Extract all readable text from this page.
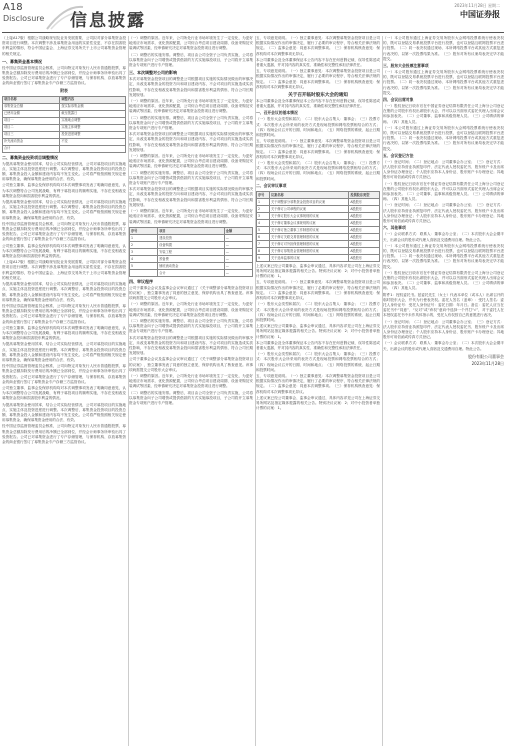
A18
Disclosure 信息披露
2023年11月28日 星期二
中国证券报

（上接A17版）根据公司战略规划及业务发展需要，公司拟对部分募集资金投资项目进行调整。本次调整不涉及募集资金用途的实质性变更，不存在损害股东利益的情形，符合中国证监会、上海证券交易所关于上市公司募集资金管理的相关规定。

一、募集资金基本情况

经中国证券监督管理委员会核准，公司向特定对象发行人民币普通股股票，募集资金总额扣除发行费用后的净额已全部到位，并经会计师事务所审验出具了验资报告。公司已对募集资金进行了专户存储管理，与保荐机构、存放募集资金的商业银行签订了募集资金专户存储三方监管协议。

附表
项目名称	调整内容
募集资金总额	按实际募集金额
已使用金额	截至披露日
项目一	实施地点调整
项目二	实施主体调整
项目三	投资进度调整
补充流动资金	不变
合计	
二、募集资金投资项目调整情况

为提高募集资金使用效率，结合公司实际经营情况，公司对募投项目的实施地点、实施主体及投资进度进行调整。本次调整后，募集资金投资项目的投资总额、募集资金投入金额和建设内容均不发生变化。公司将严格按照相关规定使用募集资金，确保募集资金使用的合法、有效。

公司独立董事、监事会及保荐机构均对本次调整事项发表了明确同意意见，认为本次调整符合公司发展战略，有利于募投项目的顺利实施，不存在变相改变募集资金投向和损害股东利益的情况。

为提高募集资金使用效率，结合公司实际经营情况，公司对募投项目的实施地点、实施主体及投资进度进行调整。本次调整后，募集资金投资项目的投资总额、募集资金投入金额和建设内容均不发生变化。公司将严格按照相关规定使用募集资金，确保募集资金使用的合法、有效。

经中国证券监督管理委员会核准，公司向特定对象发行人民币普通股股票，募集资金总额扣除发行费用后的净额已全部到位，并经会计师事务所审验出具了验资报告。公司已对募集资金进行了专户存储管理，与保荐机构、存放募集资金的商业银行签订了募集资金专户存储三方监管协议。

公司独立董事、监事会及保荐机构均对本次调整事项发表了明确同意意见，认为本次调整符合公司发展战略，有利于募投项目的顺利实施，不存在变相改变募集资金投向和损害股东利益的情况。

（上接A17版）根据公司战略规划及业务发展需要，公司拟对部分募集资金投资项目进行调整。本次调整不涉及募集资金用途的实质性变更，不存在损害股东利益的情形，符合中国证监会、上海证券交易所关于上市公司募集资金管理的相关规定。

为提高募集资金使用效率，结合公司实际经营情况，公司对募投项目的实施地点、实施主体及投资进度进行调整。本次调整后，募集资金投资项目的投资总额、募集资金投入金额和建设内容均不发生变化。公司将严格按照相关规定使用募集资金，确保募集资金使用的合法、有效。

经中国证券监督管理委员会核准，公司向特定对象发行人民币普通股股票，募集资金总额扣除发行费用后的净额已全部到位，并经会计师事务所审验出具了验资报告。公司已对募集资金进行了专户存储管理，与保荐机构、存放募集资金的商业银行签订了募集资金专户存储三方监管协议。

公司独立董事、监事会及保荐机构均对本次调整事项发表了明确同意意见，认为本次调整符合公司发展战略，有利于募投项目的顺利实施，不存在变相改变募集资金投向和损害股东利益的情况。

为提高募集资金使用效率，结合公司实际经营情况，公司对募投项目的实施地点、实施主体及投资进度进行调整。本次调整后，募集资金投资项目的投资总额、募集资金投入金额和建设内容均不发生变化。公司将严格按照相关规定使用募集资金，确保募集资金使用的合法、有效。

经中国证券监督管理委员会核准，公司向特定对象发行人民币普通股股票，募集资金总额扣除发行费用后的净额已全部到位，并经会计师事务所审验出具了验资报告。公司已对募集资金进行了专户存储管理，与保荐机构、存放募集资金的商业银行签订了募集资金专户存储三方监管协议。

公司独立董事、监事会及保荐机构均对本次调整事项发表了明确同意意见，认为本次调整符合公司发展战略，有利于募投项目的顺利实施，不存在变相改变募集资金投向和损害股东利益的情况。

为提高募集资金使用效率，结合公司实际经营情况，公司对募投项目的实施地点、实施主体及投资进度进行调整。本次调整后，募集资金投资项目的投资总额、募集资金投入金额和建设内容均不发生变化。公司将严格按照相关规定使用募集资金，确保募集资金使用的合法、有效。

经中国证券监督管理委员会核准，公司向特定对象发行人民币普通股股票，募集资金总额扣除发行费用后的净额已全部到位，并经会计师事务所审验出具了验资报告。公司已对募集资金进行了专户存储管理，与保荐机构、存放募集资金的商业银行签订了募集资金专户存储三方监管协议。

（一）调整的原因。近年来，公司所处行业市场环境发生了一定变化，为更好地适应市场需求，优化资源配置，公司综合考虑项目建设周期、设备采购及安装调试等因素，经审慎研究决定对募集资金投资项目进行调整。

（二）调整后的实施安排。调整后，项目由公司全资子公司负责实施，公司将以募集资金向子公司增资或提供借款的方式实施募投项目，子公司将开立募集资金专项账户进行专户管理。

三、本次调整对公司的影响

本次对募集资金投资项目的调整是公司根据项目实施的实际情况做出的审慎决定，未改变募集资金的投资方向和项目建设内容，不会对项目的实施造成实质性影响，不存在变相改变募集资金投向和损害股东利益的情形，符合公司长期发展规划。

（一）调整的原因。近年来，公司所处行业市场环境发生了一定变化，为更好地适应市场需求，优化资源配置，公司综合考虑项目建设周期、设备采购及安装调试等因素，经审慎研究决定对募集资金投资项目进行调整。

（二）调整后的实施安排。调整后，项目由公司全资子公司负责实施，公司将以募集资金向子公司增资或提供借款的方式实施募投项目，子公司将开立募集资金专项账户进行专户管理。

本次对募集资金投资项目的调整是公司根据项目实施的实际情况做出的审慎决定，未改变募集资金的投资方向和项目建设内容，不会对项目的实施造成实质性影响，不存在变相改变募集资金投向和损害股东利益的情形，符合公司长期发展规划。

（一）调整的原因。近年来，公司所处行业市场环境发生了一定变化，为更好地适应市场需求，优化资源配置，公司综合考虑项目建设周期、设备采购及安装调试等因素，经审慎研究决定对募集资金投资项目进行调整。

（二）调整后的实施安排。调整后，项目由公司全资子公司负责实施，公司将以募集资金向子公司增资或提供借款的方式实施募投项目，子公司将开立募集资金专项账户进行专户管理。

本次对募集资金投资项目的调整是公司根据项目实施的实际情况做出的审慎决定，未改变募集资金的投资方向和项目建设内容，不会对项目的实施造成实质性影响，不存在变相改变募集资金投向和损害股东利益的情形，符合公司长期发展规划。

（一）调整的原因。近年来，公司所处行业市场环境发生了一定变化，为更好地适应市场需求，优化资源配置，公司综合考虑项目建设周期、设备采购及安装调试等因素，经审慎研究决定对募集资金投资项目进行调整。

序号	项目	金额
1	建设投资	—
2	设备购置	—
3	安装工程	—
4	预备费	—
5	铺底流动资金	—
	合计	—
四、审议程序

公司于董事会会议及监事会会议审议通过了《关于调整部分募集资金投资项目的议案》，独立董事发表了同意的独立意见，保荐机构出具了核查意见。该事项尚需提交公司股东大会审议。

（一）调整的原因。近年来，公司所处行业市场环境发生了一定变化，为更好地适应市场需求，优化资源配置，公司综合考虑项目建设周期、设备采购及安装调试等因素，经审慎研究决定对募集资金投资项目进行调整。

（二）调整后的实施安排。调整后，项目由公司全资子公司负责实施，公司将以募集资金向子公司增资或提供借款的方式实施募投项目，子公司将开立募集资金专项账户进行专户管理。

本次对募集资金投资项目的调整是公司根据项目实施的实际情况做出的审慎决定，未改变募集资金的投资方向和项目建设内容，不会对项目的实施造成实质性影响，不存在变相改变募集资金投向和损害股东利益的情形，符合公司长期发展规划。

公司于董事会会议及监事会会议审议通过了《关于调整部分募集资金投资项目的议案》，独立董事发表了同意的独立意见，保荐机构出具了核查意见。该事项尚需提交公司股东大会审议。

（一）调整的原因。近年来，公司所处行业市场环境发生了一定变化，为更好地适应市场需求，优化资源配置，公司综合考虑项目建设周期、设备采购及安装调试等因素，经审慎研究决定对募集资金投资项目进行调整。

（二）调整后的实施安排。调整后，项目由公司全资子公司负责实施，公司将以募集资金向子公司增资或提供借款的方式实施募投项目，子公司将开立募集资金专项账户进行专户管理。

五、专项意见说明。（一）独立董事意见：本次调整募集资金投资项目是公司根据实际情况作出的审慎决定，履行了必要的审议程序，符合相关法律法规的规定。（二）监事会意见：同意本次调整事项。（三）保荐机构核查意见：保荐机构对本次调整事项无异议。

本公司董事会及全体董事保证本公告内容不存在任何虚假记载、误导性陈述或者重大遗漏，并对其内容的真实性、准确性和完整性承担法律责任。

五、专项意见说明。（一）独立董事意见：本次调整募集资金投资项目是公司根据实际情况作出的审慎决定，履行了必要的审议程序，符合相关法律法规的规定。（二）监事会意见：同意本次调整事项。（三）保荐机构核查意见：保荐机构对本次调整事项无异议。

关于召开临时股东大会的通知

本公司董事会及全体董事保证本公告内容不存在任何虚假记载、误导性陈述或者重大遗漏，并对其内容的真实性、准确性和完整性承担法律责任。

一、召开会议的基本情况

（一）股东大会类型和届次；（二）股东大会召集人：董事会；（三）投票方式：本次股东大会所采用的表决方式是现场投票和网络投票相结合的方式；（四）现场会议召开的日期、时间和地点；（五）网络投票的系统、起止日期和投票时间。

五、专项意见说明。（一）独立董事意见：本次调整募集资金投资项目是公司根据实际情况作出的审慎决定，履行了必要的审议程序，符合相关法律法规的规定。（二）监事会意见：同意本次调整事项。（三）保荐机构核查意见：保荐机构对本次调整事项无异议。

（一）股东大会类型和届次；（二）股东大会召集人：董事会；（三）投票方式：本次股东大会所采用的表决方式是现场投票和网络投票相结合的方式；（四）现场会议召开的日期、时间和地点；（五）网络投票的系统、起止日期和投票时间。

二、会议审议事项
序号	议案名称	投票股东类型
1	关于调整部分募集资金投资项目的议案	A股股东
2	关于修订公司章程的议案	A股股东
3	关于修订股东大会议事规则的议案	A股股东
4	关于修订董事会议事规则的议案	A股股东
5	关于修订独立董事工作制度的议案	A股股东
6	关于修订关联交易管理制度的议案	A股股东
7	关于修订对外担保管理制度的议案	A股股东
8	关于修订募集资金管理制度的议案	A股股东
9	关于选举监事的议案	A股股东

上述议案已经公司董事会、监事会审议通过，具体内容详见公司在上海证券交易所网站及指定媒体披露的相关公告。特别决议议案：2；对中小投资者单独计票的议案：1。

五、专项意见说明。（一）独立董事意见：本次调整募集资金投资项目是公司根据实际情况作出的审慎决定，履行了必要的审议程序，符合相关法律法规的规定。（二）监事会意见：同意本次调整事项。（三）保荐机构核查意见：保荐机构对本次调整事项无异议。

（一）股东大会类型和届次；（二）股东大会召集人：董事会；（三）投票方式：本次股东大会所采用的表决方式是现场投票和网络投票相结合的方式；（四）现场会议召开的日期、时间和地点；（五）网络投票的系统、起止日期和投票时间。

上述议案已经公司董事会、监事会审议通过，具体内容详见公司在上海证券交易所网站及指定媒体披露的相关公告。特别决议议案：2；对中小投资者单独计票的议案：1。

本公司董事会及全体董事保证本公告内容不存在任何虚假记载、误导性陈述或者重大遗漏，并对其内容的真实性、准确性和完整性承担法律责任。

（一）股东大会类型和届次；（二）股东大会召集人：董事会；（三）投票方式：本次股东大会所采用的表决方式是现场投票和网络投票相结合的方式；（四）现场会议召开的日期、时间和地点；（五）网络投票的系统、起止日期和投票时间。

五、专项意见说明。（一）独立董事意见：本次调整募集资金投资项目是公司根据实际情况作出的审慎决定，履行了必要的审议程序，符合相关法律法规的规定。（二）监事会意见：同意本次调整事项。（三）保荐机构核查意见：保荐机构对本次调整事项无异议。

上述议案已经公司董事会、监事会审议通过，具体内容详见公司在上海证券交易所网站及指定媒体披露的相关公告。特别决议议案：2；对中小投资者单独计票的议案：1。

（一）本公司股东通过上海证券交易所股东大会网络投票系统行使表决权的，既可以登陆交易系统投票平台进行投票，也可以登陆互联网投票平台进行投票。（二）同一表决权通过现场、本所网络投票平台或其他方式重复进行表决的，以第一次投票结果为准。（三）股东对所有议案均表决完毕才能提交。

三、股东大会投票注意事项

（一）本公司股东通过上海证券交易所股东大会网络投票系统行使表决权的，既可以登陆交易系统投票平台进行投票，也可以登陆互联网投票平台进行投票。（二）同一表决权通过现场、本所网络投票平台或其他方式重复进行表决的，以第一次投票结果为准。（三）股东对所有议案均表决完毕才能提交。

四、会议出席对象

（一）股权登记日收市后在中国证券登记结算有限责任公司上海分公司登记在册的公司股东有权出席股东大会，并可以以书面形式委托代理人出席会议和参加表决。（二）公司董事、监事和高级管理人员。（三）公司聘请的律师。（四）其他人员。

（一）本公司股东通过上海证券交易所股东大会网络投票系统行使表决权的，既可以登陆交易系统投票平台进行投票，也可以登陆互联网投票平台进行投票。（二）同一表决权通过现场、本所网络投票平台或其他方式重复进行表决的，以第一次投票结果为准。（三）股东对所有议案均表决完毕才能提交。

五、会议登记方法

（一）登记时间；（二）登记地点：公司董事会办公室；（三）登记方式：法人股东应持营业执照复印件、法定代表人授权委托书、股东账户卡及出席人身份证办理登记；个人股东应持本人身份证、股东账户卡办理登记；异地股东可用信函或传真方式登记。

（一）股权登记日收市后在中国证券登记结算有限责任公司上海分公司登记在册的公司股东有权出席股东大会，并可以以书面形式委托代理人出席会议和参加表决。（二）公司董事、监事和高级管理人员。（三）公司聘请的律师。（四）其他人员。

（一）登记时间；（二）登记地点：公司董事会办公室；（三）登记方式：法人股东应持营业执照复印件、法定代表人授权委托书、股东账户卡及出席人身份证办理登记；个人股东应持本人身份证、股东账户卡办理登记；异地股东可用信函或传真方式登记。

六、其他事项

（一）会议联系方式：联系人：董事会办公室；（二）本次股东大会会期半天，出席会议的股东或代理人食宿及交通费用自理。特此公告。

（一）本公司股东通过上海证券交易所股东大会网络投票系统行使表决权的，既可以登陆交易系统投票平台进行投票，也可以登陆互联网投票平台进行投票。（二）同一表决权通过现场、本所网络投票平台或其他方式重复进行表决的，以第一次投票结果为准。（三）股东对所有议案均表决完毕才能提交。

（一）股权登记日收市后在中国证券登记结算有限责任公司上海分公司登记在册的公司股东有权出席股东大会，并可以以书面形式委托代理人出席会议和参加表决。（二）公司董事、监事和高级管理人员。（三）公司聘请的律师。（四）其他人员。

附件1：授权委托书。兹委托先生（女士）代表本单位（或本人）出席召开的临时股东大会，并代为行使表决权。委托人签名（盖章）：受托人签名：委托人身份证号：受托人身份证号：委托日期：年月日。备注：委托人应当在委托书中“同意”、“反对”或“弃权”意向中选择一个并打“√”，对于委托人在本授权委托书中未作具体指示的，受托人有权按自己的意愿进行表决。

（一）登记时间；（二）登记地点：公司董事会办公室；（三）登记方式：法人股东应持营业执照复印件、法定代表人授权委托书、股东账户卡及出席人身份证办理登记；个人股东应持本人身份证、股东账户卡办理登记；异地股东可用信函或传真方式登记。

（一）会议联系方式：联系人：董事会办公室；（二）本次股东大会会期半天，出席会议的股东或代理人食宿及交通费用自理。特此公告。

股份有限公司董事会
2023年11月28日
